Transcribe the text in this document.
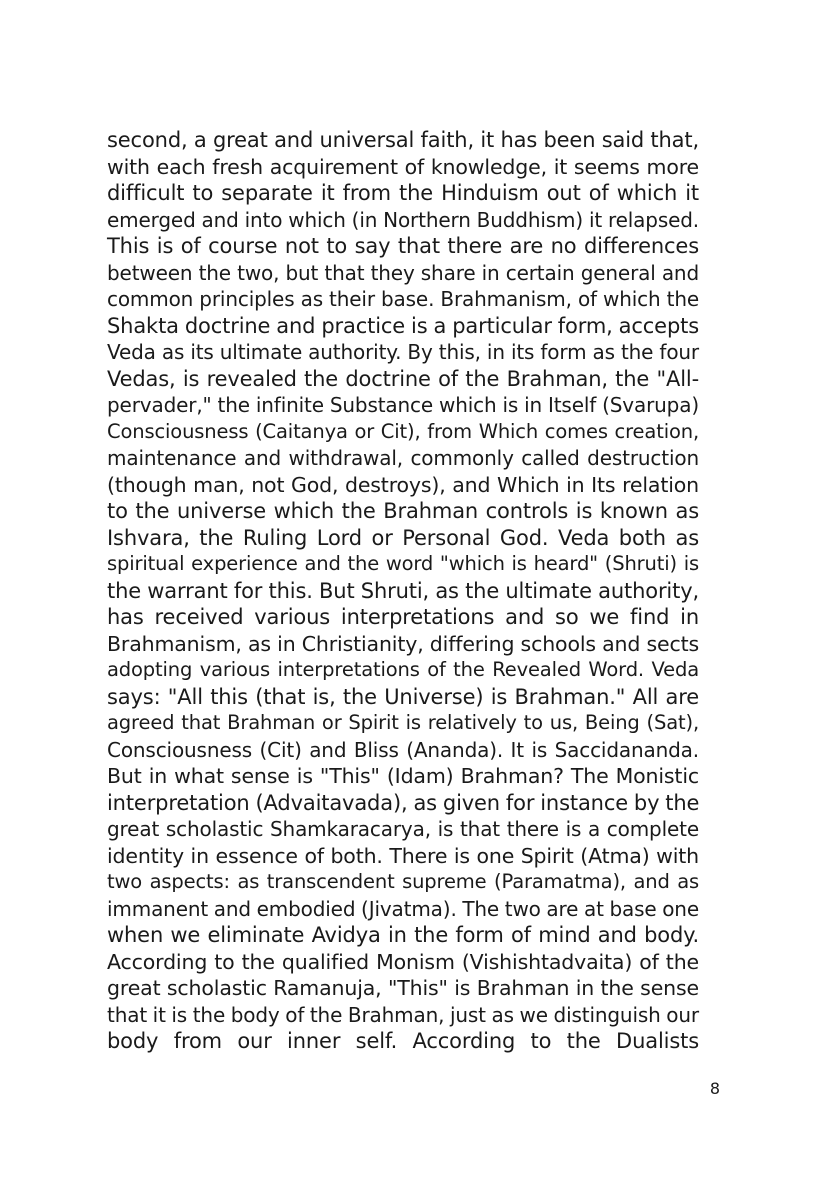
second, a great and universal faith, it has been said that,
with each fresh acquirement of knowledge, it seems more
difficult to separate it from the Hinduism out of which it
emerged and into which (in Northern Buddhism) it relapsed.
This is of course not to say that there are no differences
between the two, but that they share in certain general and
common principles as their base. Brahmanism, of which the
Shakta doctrine and practice is a particular form, accepts
Veda as its ultimate authority. By this, in its form as the four
Vedas, is revealed the doctrine of the Brahman, the "All-
pervader," the infinite Substance which is in Itself (Svarupa)
Consciousness (Caitanya or Cit), from Which comes creation,
maintenance and withdrawal, commonly called destruction
(though man, not God, destroys), and Which in Its relation
to the universe which the Brahman controls is known as
Ishvara, the Ruling Lord or Personal God. Veda both as
spiritual experience and the word "which is heard" (Shruti) is
the warrant for this. But Shruti, as the ultimate authority,
has received various interpretations and so we find in
Brahmanism, as in Christianity, differing schools and sects
adopting various interpretations of the Revealed Word. Veda
says: "All this (that is, the Universe) is Brahman." All are
agreed that Brahman or Spirit is relatively to us, Being (Sat),
Consciousness (Cit) and Bliss (Ananda). It is Saccidananda.
But in what sense is "This" (Idam) Brahman? The Monistic
interpretation (Advaitavada), as given for instance by the
great scholastic Shamkaracarya, is that there is a complete
identity in essence of both. There is one Spirit (Atma) with
two aspects: as transcendent supreme (Paramatma), and as
immanent and embodied (Jivatma). The two are at base one
when we eliminate Avidya in the form of mind and body.
According to the qualified Monism (Vishishtadvaita) of the
great scholastic Ramanuja, "This" is Brahman in the sense
that it is the body of the Brahman, just as we distinguish our
body from our inner self. According to the Dualists
8
